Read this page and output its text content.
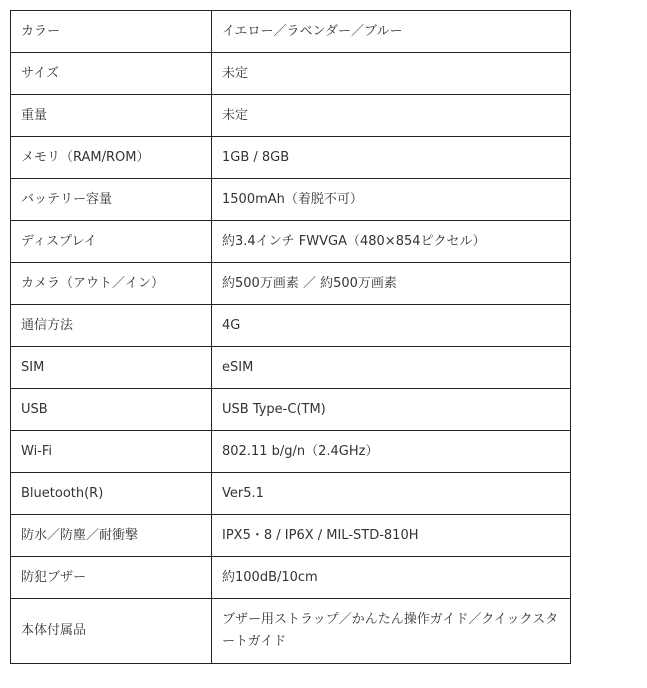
カラー	イエロー／ラベンダー／ブルー
サイズ	未定
重量	未定
メモリ（RAM/ROM）	1GB / 8GB
バッテリー容量	1500mAh（着脱不可）
ディスプレイ	約3.4インチ FWVGA（480×854ピクセル）
カメラ（アウト／イン）	約500万画素 ／ 約500万画素
通信方法	4G
SIM	eSIM
USB	USB Type-C(TM)
Wi-Fi	802.11 b/g/n（2.4GHz）
Bluetooth(R)	Ver5.1
防水／防塵／耐衝撃	IPX5・8 / IP6X / MIL-STD-810H
防犯ブザー	約100dB/10cm
本体付属品	ブザー用ストラップ／かんたん操作ガイド／クイックスタートガイド
